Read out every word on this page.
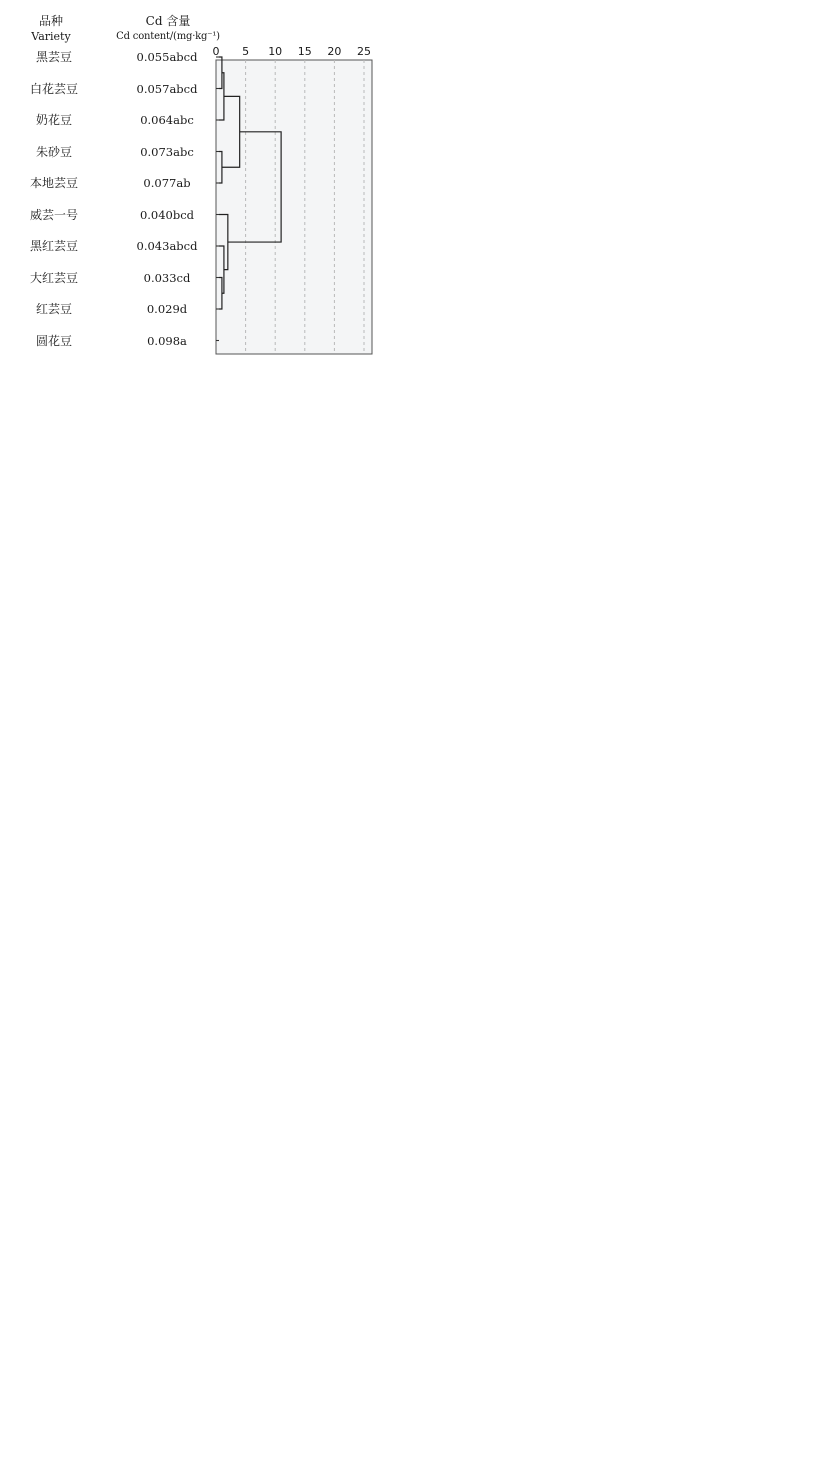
品种
Variety
Cd 含量
Cd content/(mg·kg⁻¹)
黑芸豆	0.055abcd
白花芸豆	0.057abcd
奶花豆	0.064abc
朱砂豆	0.073abc
本地芸豆	0.077ab
威芸一号	0.040bcd
黑红芸豆	0.043abcd
大红芸豆	0.033cd
红芸豆	0.029d
圆花豆	0.098a
0 5 10 15 20 25
